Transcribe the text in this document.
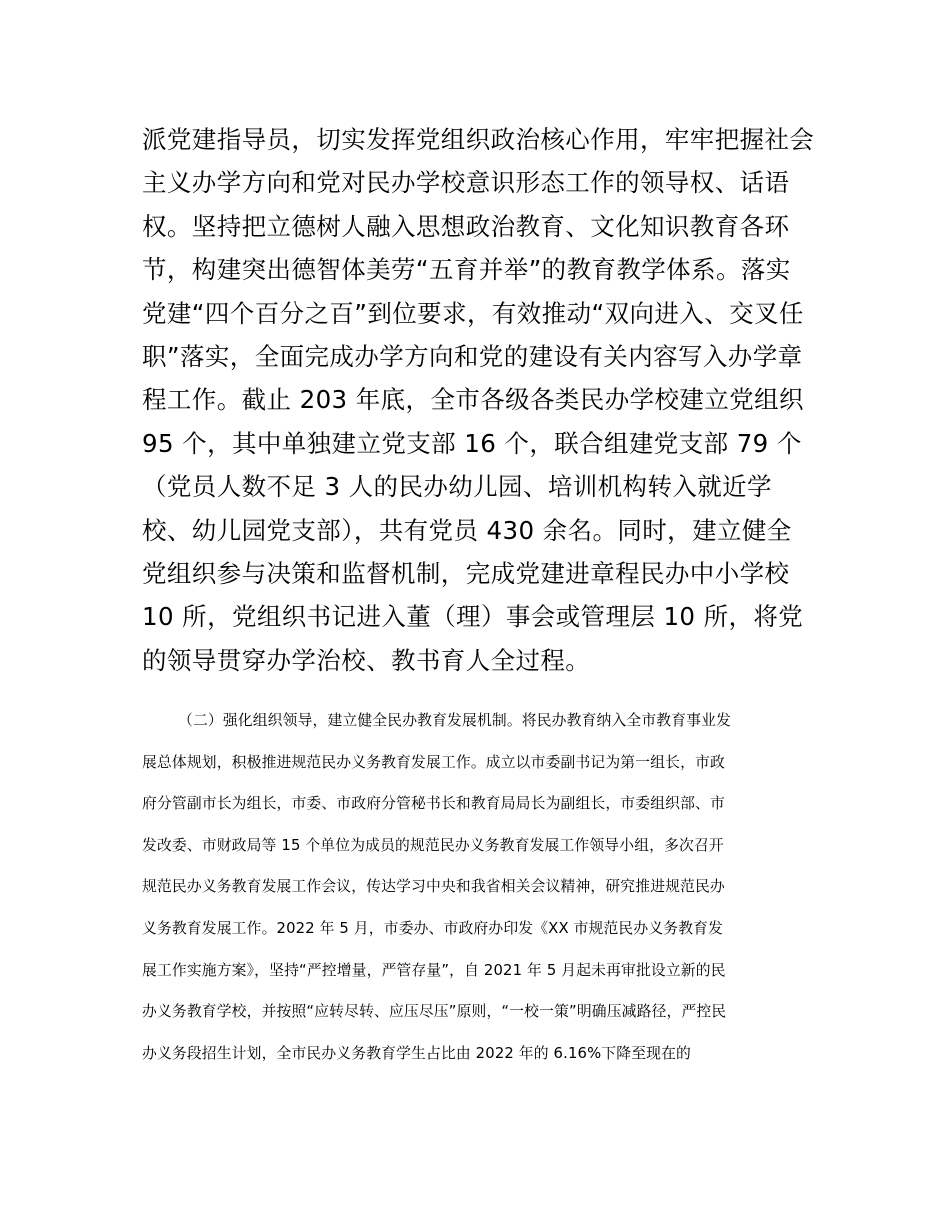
派党建指导员，切实发挥党组织政治核心作用，牢牢把握社会
主义办学方向和党对民办学校意识形态工作的领导权、话语
权。坚持把立德树人融入思想政治教育、文化知识教育各环
节，构建突出德智体美劳“五育并举”的教育教学体系。落实
党建“四个百分之百”到位要求，有效推动“双向进入、交叉任
职”落实，全面完成办学方向和党的建设有关内容写入办学章
程工作。截止 203 年底，全市各级各类民办学校建立党组织
95 个，其中单独建立党支部 16 个，联合组建党支部 79 个
（党员人数不足 3 人的民办幼儿园、培训机构转入就近学
校、幼儿园党支部），共有党员 430 余名。同时，建立健全
党组织参与决策和监督机制，完成党建进章程民办中小学校
10 所，党组织书记进入董（理）事会或管理层 10 所，将党
的领导贯穿办学治校、教书育人全过程。
（二）强化组织领导，建立健全民办教育发展机制。将民办教育纳入全市教育事业发
展总体规划，积极推进规范民办义务教育发展工作。成立以市委副书记为第一组长，市政
府分管副市长为组长，市委、市政府分管秘书长和教育局局长为副组长，市委组织部、市
发改委、市财政局等 15 个单位为成员的规范民办义务教育发展工作领导小组，多次召开
规范民办义务教育发展工作会议，传达学习中央和我省相关会议精神，研究推进规范民办
义务教育发展工作。2022 年 5 月，市委办、市政府办印发《XX 市规范民办义务教育发
展工作实施方案》，坚持“严控增量，严管存量”，自 2021 年 5 月起未再审批设立新的民
办义务教育学校，并按照“应转尽转、应压尽压”原则，“一校一策”明确压减路径，严控民
办义务段招生计划，全市民办义务教育学生占比由 2022 年的 6.16%下降至现在的
